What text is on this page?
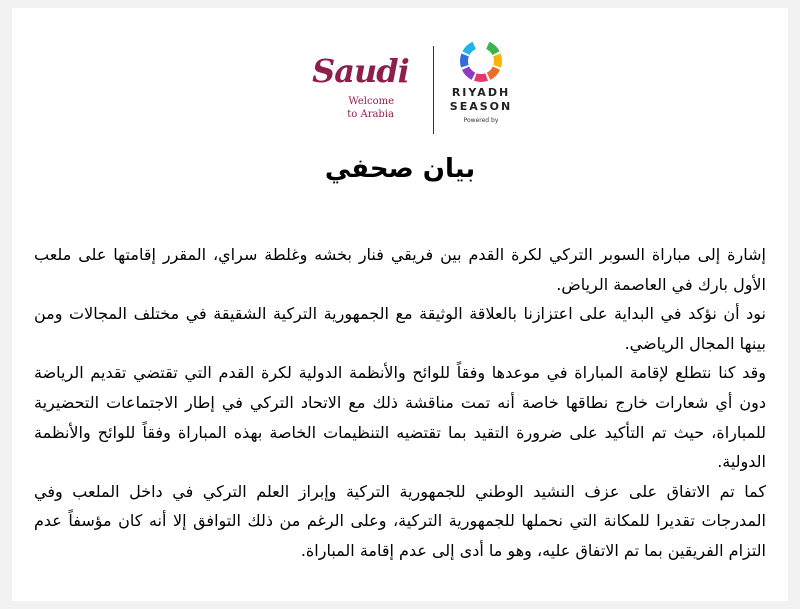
Saudi
Welcome
to Arabia
RIYADH
SEASON
Powered by
بيان صحفي

إشارة إلى مباراة السوبر التركي لكرة القدم بين فريقي فنار بخشه وغلطة سراي، المقرر إقامتها على ملعب الأول بارك في العاصمة الرياض.

نود أن نؤكد في البداية على اعتزازنا بالعلاقة الوثيقة مع الجمهورية التركية الشقيقة في مختلف المجالات ومن بينها المجال الرياضي.

وقد كنا نتطلع لإقامة المباراة في موعدها وفقاً للوائح والأنظمة الدولية لكرة القدم التي تقتضي تقديم الرياضة دون أي شعارات خارج نطاقها خاصة أنه تمت مناقشة ذلك مع الاتحاد التركي في إطار الاجتماعات التحضيرية للمباراة، حيث تم التأكيد على ضرورة التقيد بما تقتضيه التنظيمات الخاصة بهذه المباراة وفقاً للوائح والأنظمة الدولية.

كما تم الاتفاق على عزف النشيد الوطني للجمهورية التركية وإبراز العلم التركي في داخل الملعب وفي المدرجات تقديرا للمكانة التي نحملها للجمهورية التركية، وعلى الرغم من ذلك التوافق إلا أنه كان مؤسفاً عدم التزام الفريقين بما تم الاتفاق عليه، وهو ما أدى إلى عدم إقامة المباراة.
